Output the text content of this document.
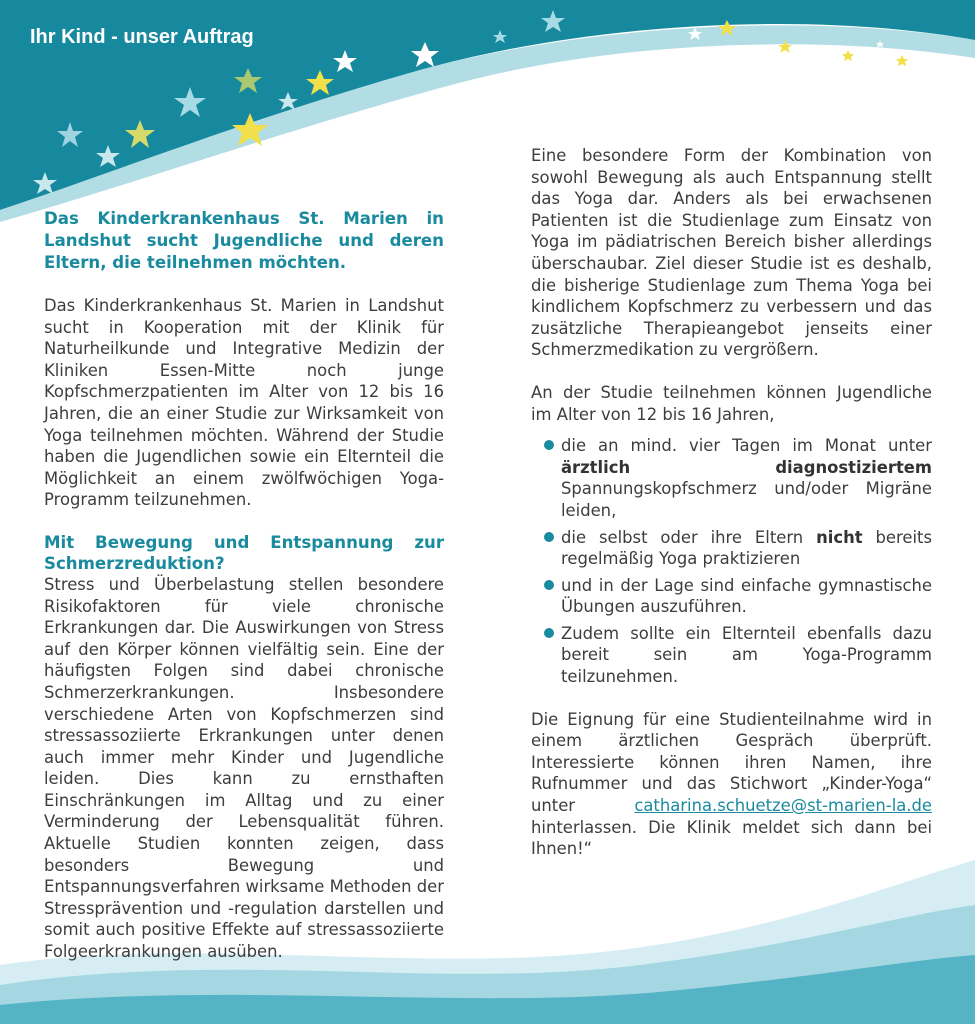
Ihr Kind - unser Auftrag

Das Kinderkrankenhaus St. Marien in Landshut sucht Jugendliche und deren Eltern, die teilnehmen möchten.

Das Kinderkrankenhaus St. Marien in Landshut sucht in Kooperation mit der Klinik für Naturheilkunde und Integrative Medizin der Kliniken Essen-Mitte noch junge Kopfschmerzpatienten im Alter von 12 bis 16 Jahren, die an einer Studie zur Wirksamkeit von Yoga teilnehmen möchten. Während der Studie haben die Jugendlichen sowie ein Elternteil die Möglichkeit an einem zwölfwöchigen Yoga-Programm teilzunehmen.

Mit Bewegung und Entspannung zur Schmerzreduktion?

Stress und Überbelastung stellen besondere Risikofaktoren für viele chronische Erkrankungen dar. Die Auswirkungen von Stress auf den Körper können vielfältig sein. Eine der häufigsten Folgen sind dabei chronische Schmerzerkrankungen. Insbesondere verschiedene Arten von Kopfschmerzen sind stressassoziierte Erkrankungen unter denen auch immer mehr Kinder und Jugendliche leiden. Dies kann zu ernsthaften Einschränkungen im Alltag und zu einer Verminderung der Lebensqualität führen. Aktuelle Studien konnten zeigen, dass besonders Bewegung und Entspannungsverfahren wirksame Methoden der Stressprävention und -regulation darstellen und somit auch positive Effekte auf stressassoziierte Folgeerkrankungen ausüben.

Eine besondere Form der Kombination von sowohl Bewegung als auch Entspannung stellt das Yoga dar. Anders als bei erwachsenen Patienten ist die Studienlage zum Einsatz von Yoga im pädiatrischen Bereich bisher allerdings überschaubar. Ziel dieser Studie ist es deshalb, die bisherige Studienlage zum Thema Yoga bei kindlichem Kopfschmerz zu verbessern und das zusätzliche Therapieangebot jenseits einer Schmerzmedikation zu vergrößern.

An der Studie teilnehmen können Jugendliche im Alter von 12 bis 16 Jahren,

die an mind. vier Tagen im Monat unter ärztlich diagnostiziertem Spannungskopfschmerz und/oder Migräne leiden,
die selbst oder ihre Eltern nicht bereits regelmäßig Yoga praktizieren
und in der Lage sind einfache gymnastische Übungen auszuführen.
Zudem sollte ein Elternteil ebenfalls dazu bereit sein am Yoga-Programm teilzunehmen.

Die Eignung für eine Studienteilnahme wird in einem ärztlichen Gespräch überprüft. Interessierte können ihren Namen, ihre Rufnummer und das Stichwort „Kinder-Yoga“ unter catharina.schuetze@st-marien-la.de hinterlassen. Die Klinik meldet sich dann bei Ihnen!“
